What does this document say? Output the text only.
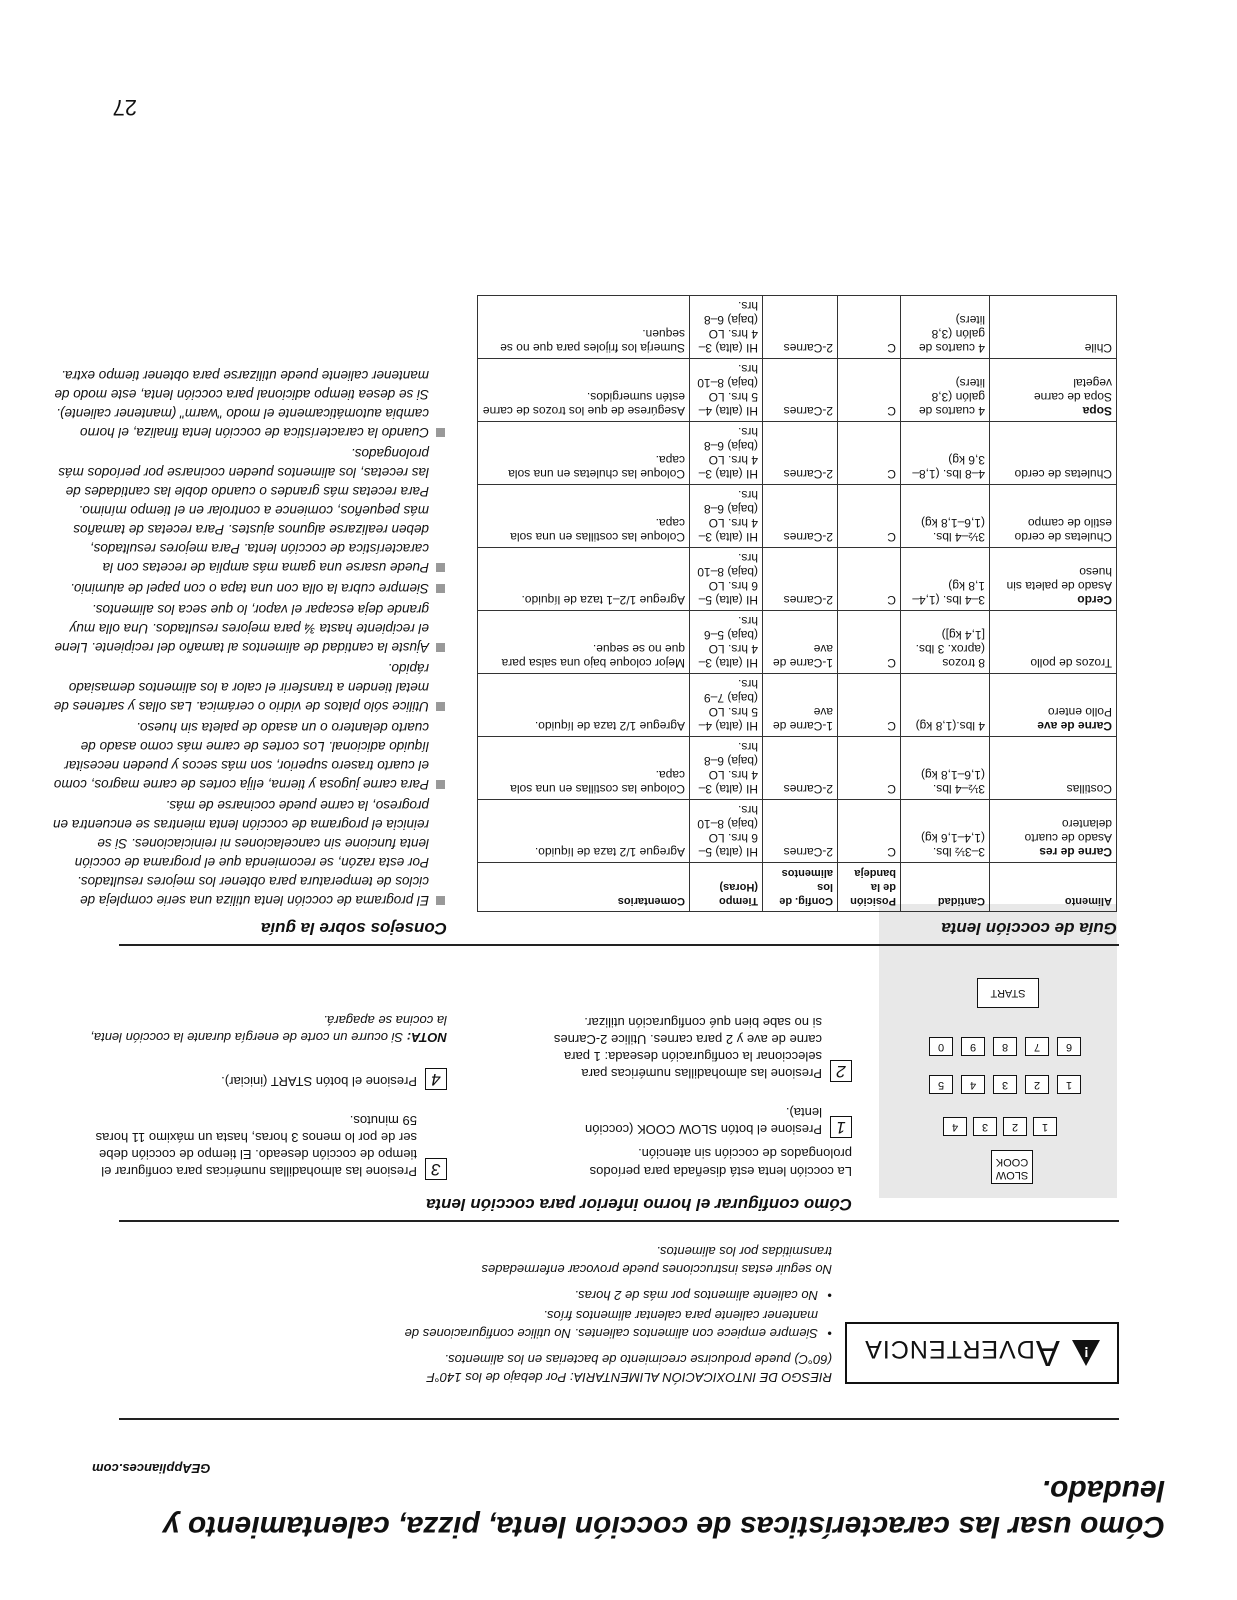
Cómo usar las características de cocción lenta, pizza, calentamiento y leudado.
GEAppliances.com
!
Advertencia
RIESGO DE INTOXICACIÓN ALIMENTARIA: Por debajo de los 140°F (60°C) puede producirse crecimiento de bacterias en los alimentos.
• Siempre empiece con alimentos calientes. No utilice configuraciones de mantener caliente para calentar alimentos fríos.
• No caliente alimentos por más de 2 horas.
No seguir estas instrucciones puede provocar enfermedades transmitidas por los alimentos.
Cómo configurar el horno inferior para cocción lenta
La cocción lenta está diseñada para períodos prolongados de cocción sin atención.
1
Presione el botón SLOW COOK (cocción lenta).
2
Presione las almohadillas numéricas para seleccionar la configuración deseada: 1 para carne de ave y 2 para carnes. Utilice 2-Carnes si no sabe bien qué configuración utilizar.
3
Presione las almohadillas numéricas para configurar el tiempo de cocción deseado. El tiempo de cocción debe ser de por lo menos 3 horas, hasta un máximo 11 horas 59 minutos.
4
Presione el botón START (iniciar).
NOTA: Si ocurre un corte de energía durante la cocción lenta, la cocina se apagará.
SLOW COOK
1
2
3
4
1
2
3
4
5
6
7
8
9
0
START
Guía de cocción lenta
Consejos sobre la guía
Alimento	Cantidad	Posición de la bandeja	Config. de los alimentos	Tiempo (Horas)	Comentarios

Carne de res
Asado de cuarto delantero	3–3½ lbs. (1,4–1,6 kg)	C	2-Carnes	HI (alta) 5–6 hrs. LO (baja) 8–10 hrs.	Agregue 1/2 taza de líquido.

Costillas	3½–4 lbs. (1,6–1,8 kg)	C	2-Carnes	HI (alta) 3–4 hrs. LO (baja) 6–8 hrs.	Coloque las costillas en una sola capa.

Carne de ave
Pollo entero	4 lbs.(1,8 kg)	C	1-Carne de ave	HI (alta) 4–5 hrs. LO (baja) 7–9 hrs.	Agregue 1/2 taza de líquido.

Trozos de pollo	8 trozos (aprox. 3 lbs. [1,4 kg])	C	1-Carne de ave	HI (alta) 3–4 hrs. LO (baja) 5–6 hrs.	Mejor coloque bajo una salsa para que no se seque.

Cerdo
Asado de paleta sin hueso	3–4 lbs. (1,4–1,8 kg)	C	2-Carnes	HI (alta) 5–6 hrs. LO (baja) 8–10 hrs.	Agregue 1/2–1 taza de líquido.

Chuletas de cerdo estilo de campo	3½–4 lbs. (1,6–1,8 kg)	C	2-Carnes	HI (alta) 3–4 hrs. LO (baja) 6–8 hrs.	Coloque las costillas en una sola capa.

Chuletas de cerdo	4–8 lbs. (1,8–3,6 kg)	C	2-Carnes	HI (alta) 3–4 hrs. LO (baja) 6–8 hrs.	Coloque las chuletas en una sola capa.

Sopa
Sopa de carne vegetal	4 cuartos de galón (3,8 liters)	C	2-Carnes	HI (alta) 4–5 hrs. LO (baja) 8–10 hrs.	Asegúrese de que los trozos de carne estén sumergidos.

Chile	4 cuartos de galón (3,8 liters)	C	2-Carnes	HI (alta) 3–4 hrs. LO (baja) 6–8 hrs.	Sumerja los frijoles para que no se sequen.
El programa de cocción lenta utiliza una serie compleja de ciclos de temperatura para obtener los mejores resultados. Por esta razón, se recomienda que el programa de cocción lenta funcione sin cancelaciones ni reiniciaciones. Si se reinicia el programa de cocción lenta mientras se encuentra en progreso, la carne puede cocinarse de más.
Para carne jugosa y tierna, elija cortes de carne magros, como el cuarto trasero superior, son más secos y pueden necesitar líquido adicional. Los cortes de carne más como asado de cuarto delantero o un asado de paleta sin hueso.
Utilice sólo platos de vidrio o cerámica. Las ollas y sartenes de metal tienden a transferir el calor a los alimentos demasiado rápido.
Ajuste la cantidad de alimentos al tamaño del recipiente. Llene el recipiente hasta ¾ para mejores resultados. Una olla muy grande deja escapar el vapor, lo que seca los alimentos.
Siempre cubra la olla con una tapa o con papel de aluminio.
Puede usarse una gama más amplia de recetas con la característica de cocción lenta. Para mejores resultados, deben realizarse algunos ajustes. Para recetas de tamaños más pequeños, comience a controlar en el tiempo mínimo. Para recetas más grandes o cuando doble las cantidades de las recetas, los alimentos pueden cocinarse por períodos más prolongados.
Cuando la característica de cocción lenta finaliza, el horno cambia automáticamente el modo "warm" (mantener caliente). Si se desea tiempo adicional para cocción lenta, este modo de mantener caliente puede utilizarse para obtener tiempo extra.
27
